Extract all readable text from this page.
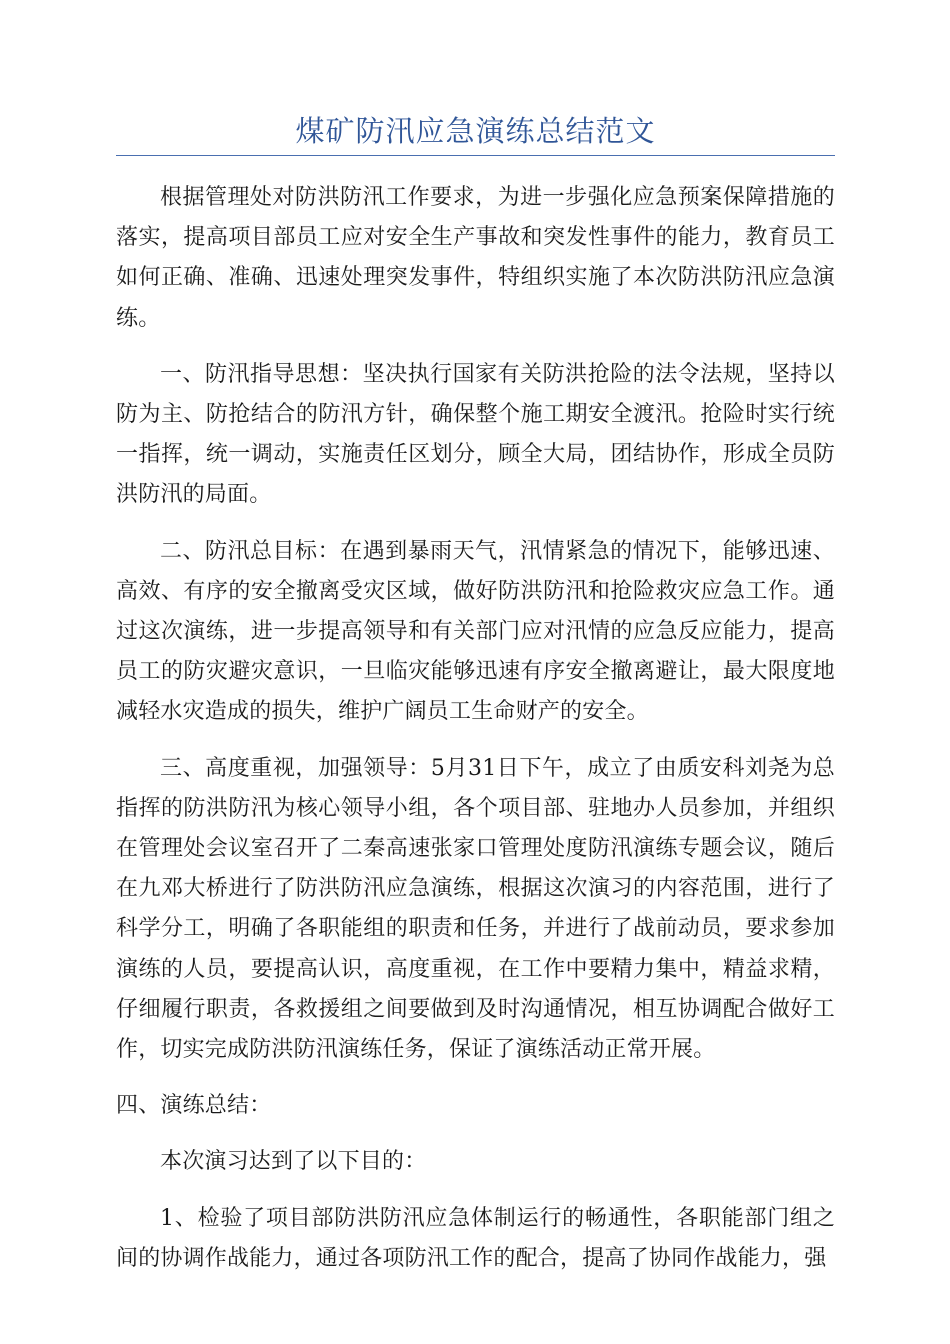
煤矿防汛应急演练总结范文

根据管理处对防洪防汛工作要求，为进一步强化应急预案保障措施的落实，提高项目部员工应对安全生产事故和突发性事件的能力，教育员工如何正确、准确、迅速处理突发事件，特组织实施了本次防洪防汛应急演练。

一、防汛指导思想：坚决执行国家有关防洪抢险的法令法规，坚持以防为主、防抢结合的防汛方针，确保整个施工期安全渡汛。抢险时实行统一指挥，统一调动，实施责任区划分，顾全大局，团结协作，形成全员防洪防汛的局面。

二、防汛总目标：在遇到暴雨天气，汛情紧急的情况下，能够迅速、高效、有序的安全撤离受灾区域，做好防洪防汛和抢险救灾应急工作。通过这次演练，进一步提高领导和有关部门应对汛情的应急反应能力，提高员工的防灾避灾意识，一旦临灾能够迅速有序安全撤离避让，最大限度地减轻水灾造成的损失，维护广阔员工生命财产的安全。

三、高度重视，加强领导：5月31日下午，成立了由质安科刘尧为总指挥的防洪防汛为核心领导小组，各个项目部、驻地办人员参加，并组织在管理处会议室召开了二秦高速张家口管理处度防汛演练专题会议，随后在九邓大桥进行了防洪防汛应急演练，根据这次演习的内容范围，进行了科学分工，明确了各职能组的职责和任务，并进行了战前动员，要求参加演练的人员，要提高认识，高度重视，在工作中要精力集中，精益求精，仔细履行职责，各救援组之间要做到及时沟通情况，相互协调配合做好工作，切实完成防洪防汛演练任务，保证了演练活动正常开展。

四、演练总结：

本次演习达到了以下目的：

1、检验了项目部防洪防汛应急体制运行的畅通性，各职能部门组之间的协调作战能力，通过各项防汛工作的配合，提高了协同作战能力，强
